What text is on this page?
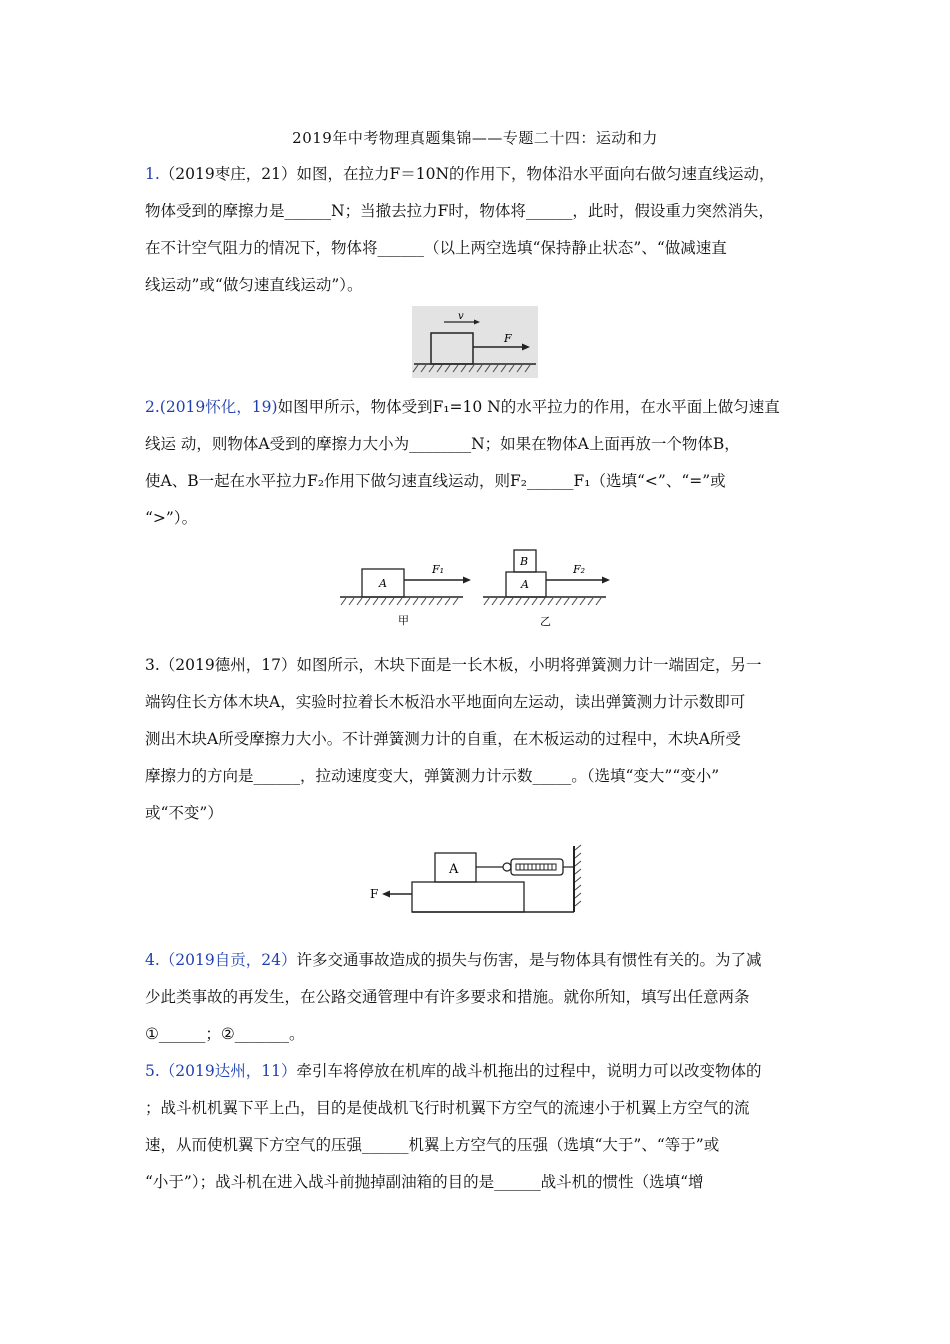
2019年中考物理真题集锦——专题二十四：运动和力

1.（2019枣庄，21）如图，在拉力F＝10N的作用下，物体沿水平面向右做匀速直线运动，

物体受到的摩擦力是______N；当撤去拉力F时，物体将______，此时，假设重力突然消失，

在不计空气阻力的情况下，物体将______（以上两空选填“保持静止状态”、“做减速直

线运动”或“做匀速直线运动”）。

v
F

2.(2019怀化，19)如图甲所示，物体受到F₁=10 N的水平拉力的作用，在水平面上做匀速直

线运 动，则物体A受到的摩擦力大小为________N；如果在物体A上面再放一个物体B，

使A、B一起在水平拉力F₂作用下做匀速直线运动，则F₂______F₁（选填“<”、“=”或

“>”）。

A
F₁
甲
A
B
F₂
乙

3.（2019德州，17）如图所示，木块下面是一长木板，小明将弹簧测力计一端固定，另一

端钩住长方体木块A，实验时拉着长木板沿水平地面向左运动，读出弹簧测力计示数即可

测出木块A所受摩擦力大小。不计弹簧测力计的自重，在木板运动的过程中，木块A所受

摩擦力的方向是______，拉动速度变大，弹簧测力计示数_____。（选填“变大”“变小”

或“不变”）

A
F

4.（2019自贡，24）许多交通事故造成的损失与伤害，是与物体具有惯性有关的。为了减

少此类事故的再发生，在公路交通管理中有许多要求和措施。就你所知，填写出任意两条

①______；②_______。

5.（2019达州，11）牵引车将停放在机库的战斗机拖出的过程中，说明力可以改变物体的

；战斗机机翼下平上凸，目的是使战机飞行时机翼下方空气的流速小于机翼上方空气的流

速，从而使机翼下方空气的压强______机翼上方空气的压强（选填“大于”、“等于”或

“小于”）；战斗机在进入战斗前抛掉副油箱的目的是______战斗机的惯性（选填“增
